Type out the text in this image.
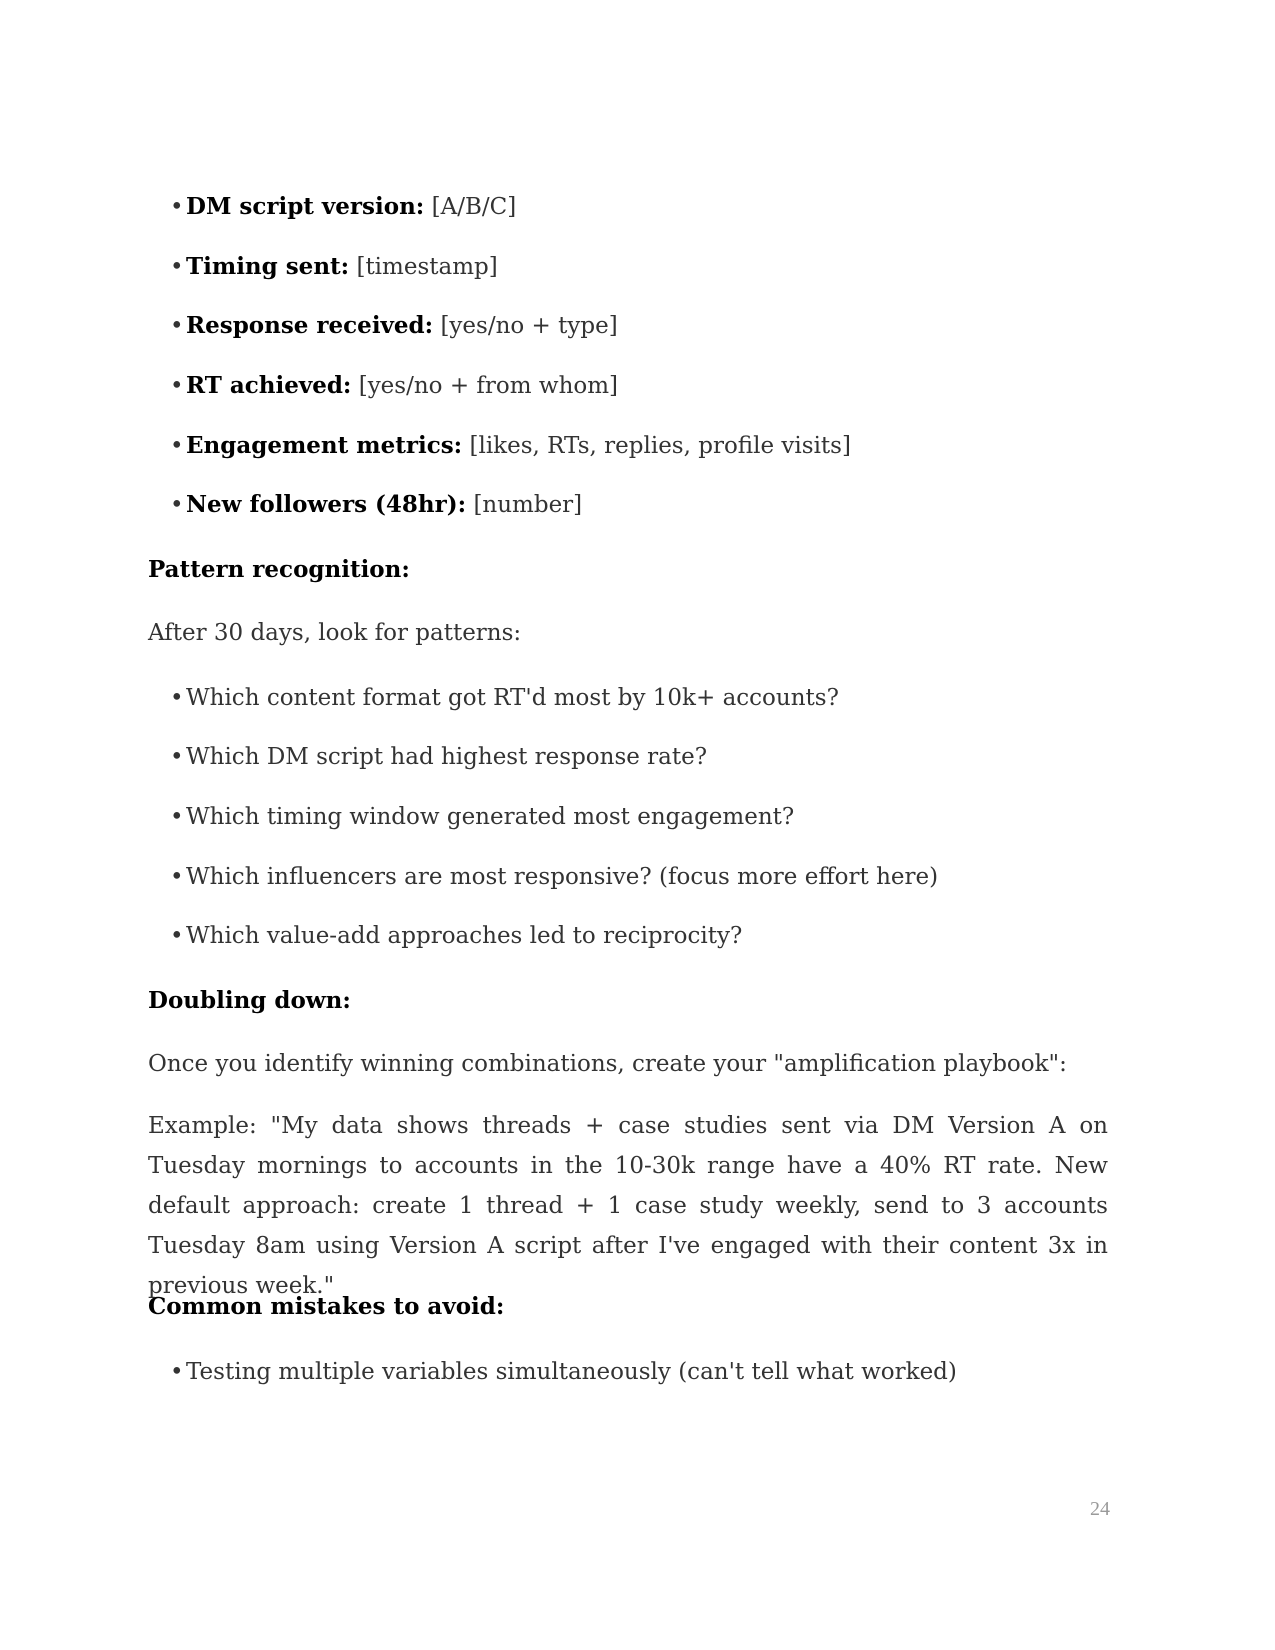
• DM script version: [A/B/C]
• Timing sent: [timestamp]
• Response received: [yes/no + type]
• RT achieved: [yes/no + from whom]
• Engagement metrics: [likes, RTs, replies, profile visits]
• New followers (48hr): [number]
Pattern recognition:
After 30 days, look for patterns:
• Which content format got RT'd most by 10k+ accounts?
• Which DM script had highest response rate?
• Which timing window generated most engagement?
• Which influencers are most responsive? (focus more effort here)
• Which value-add approaches led to reciprocity?
Doubling down:
Once you identify winning combinations, create your "amplification playbook":
Example: "My data shows threads + case studies sent via DM Version A on Tuesday mornings to accounts in the 10-30k range have a 40% RT rate. New default approach: create 1 thread + 1 case study weekly, send to 3 accounts Tuesday 8am using Version A script after I've engaged with their content 3x in previous week."
Common mistakes to avoid:
• Testing multiple variables simultaneously (can't tell what worked)
24
